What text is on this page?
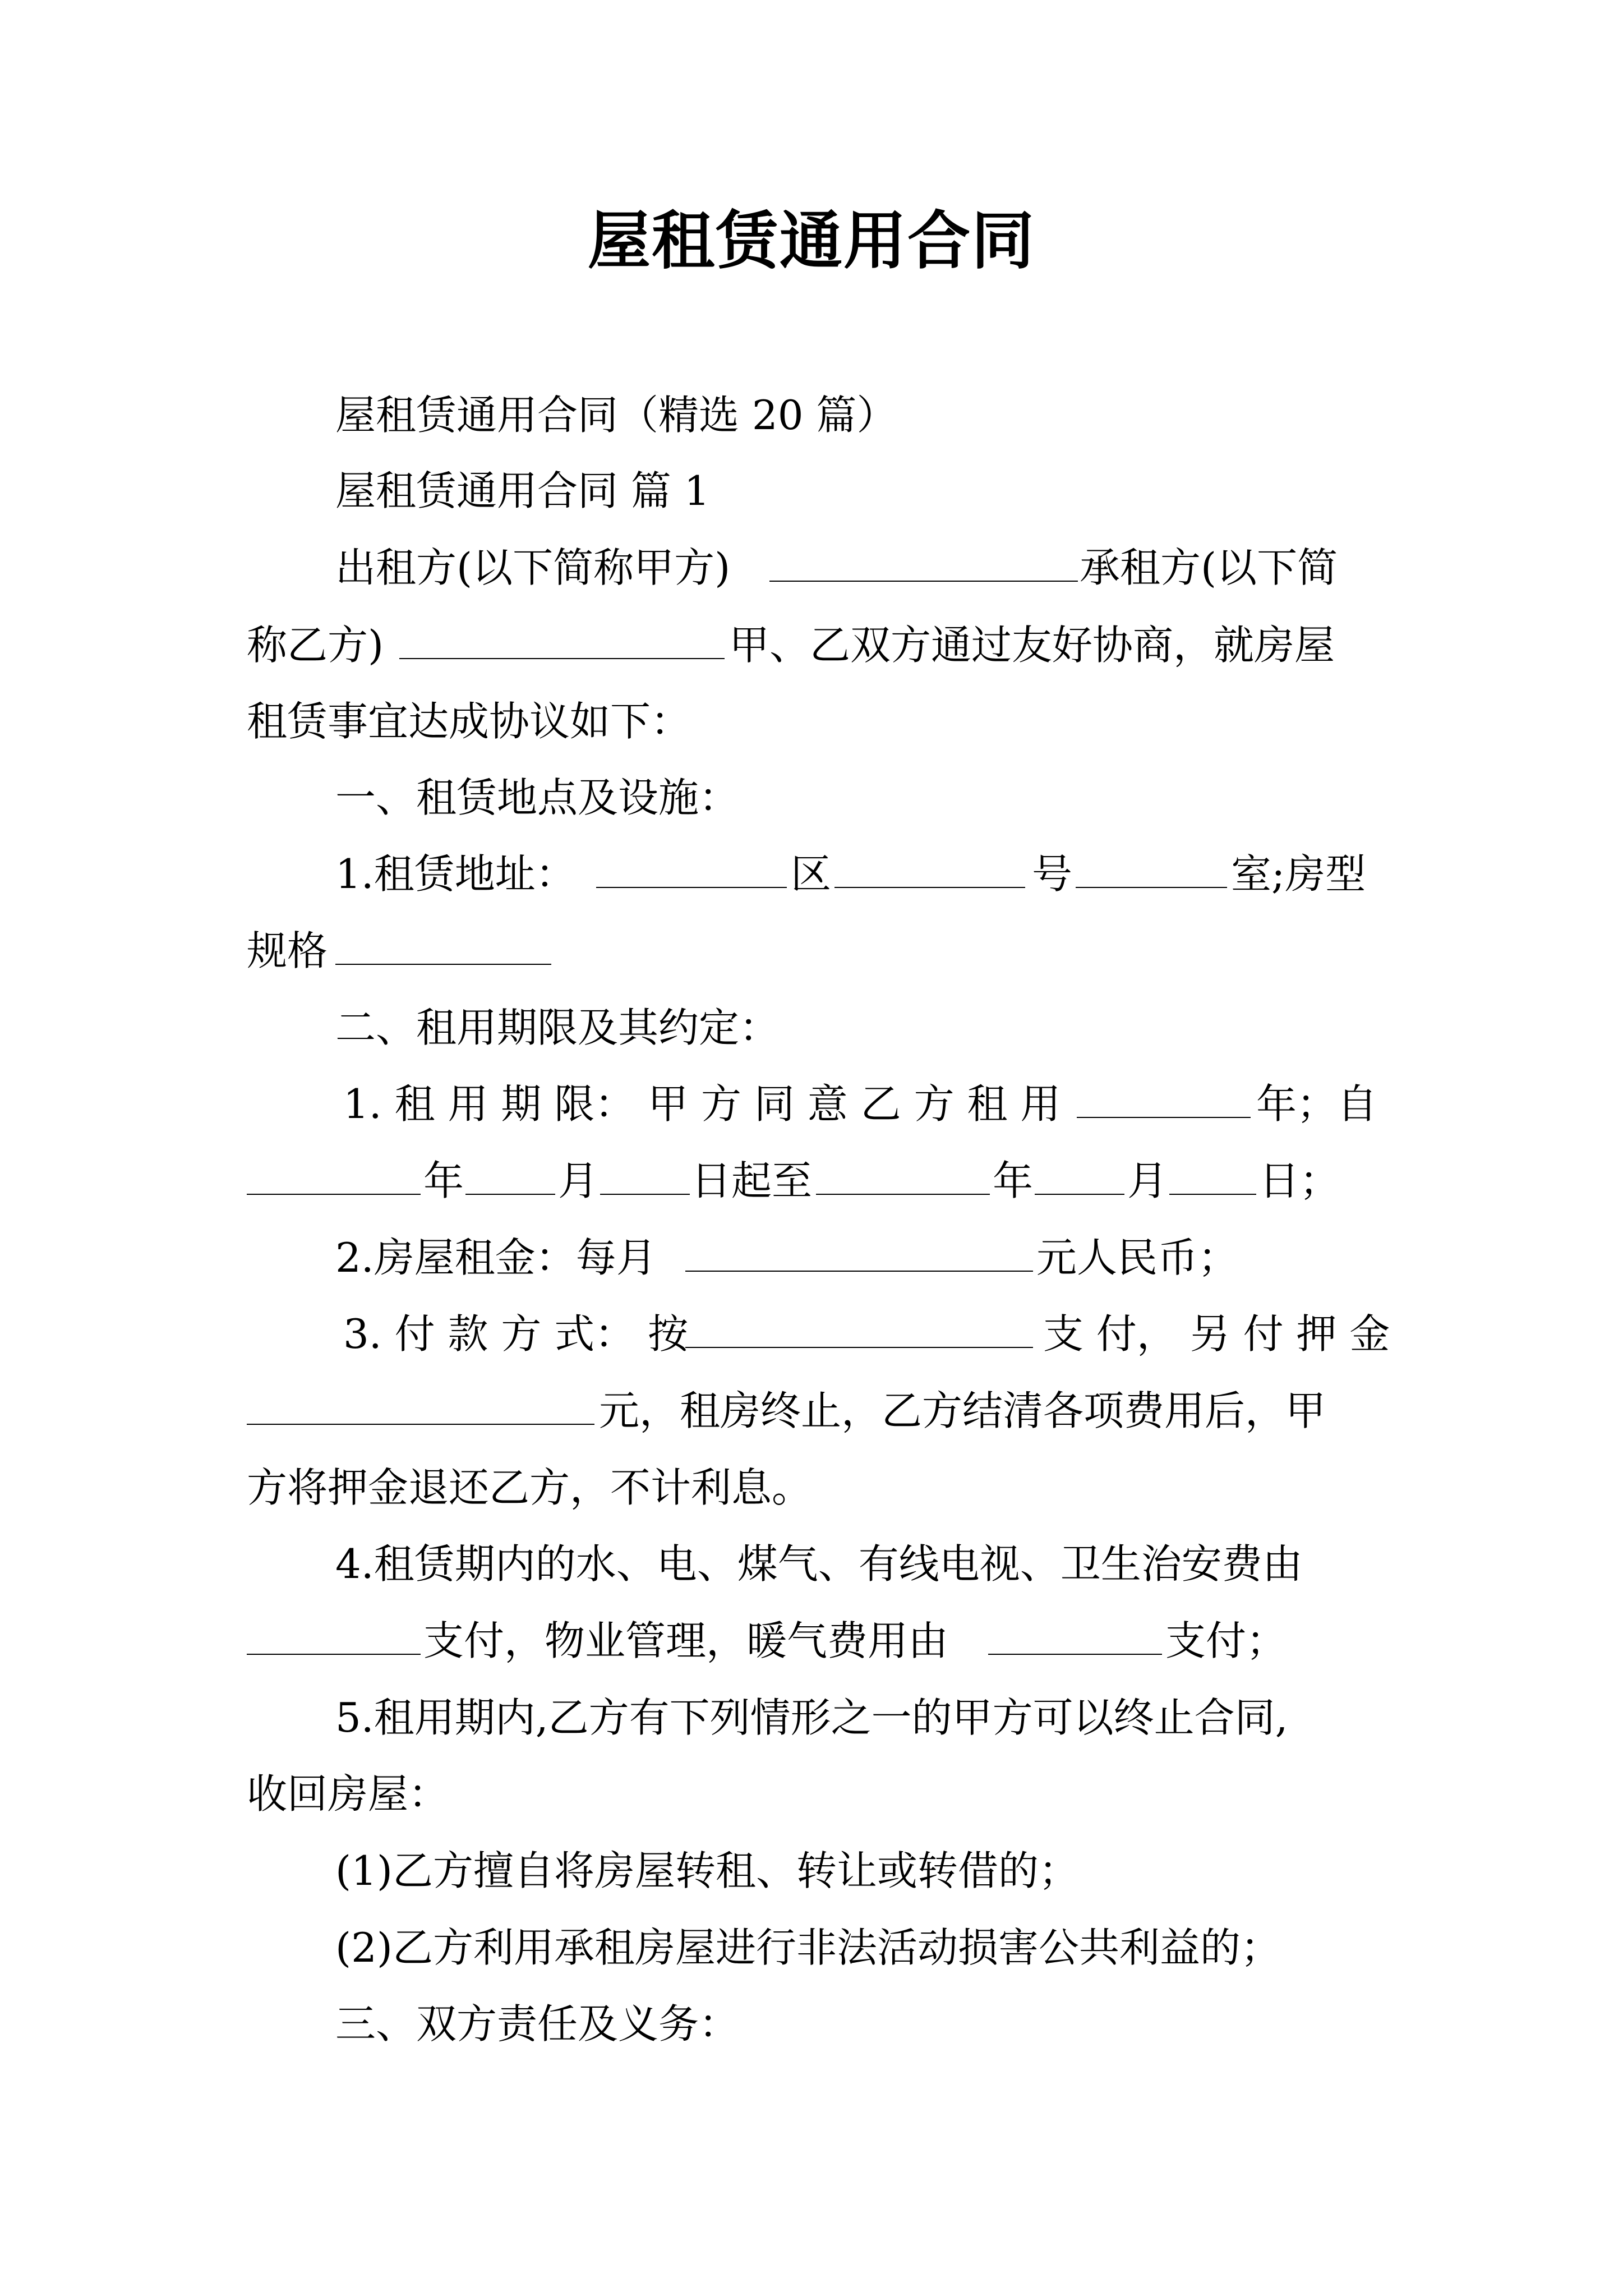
屋租赁通用合同
屋租赁通用合同（精选 20 篇）
屋租赁通用合同 篇 1
出租方(以下简称甲方)	承租方(以下简
称乙方)	甲、乙双方通过友好协商，就房屋
租赁事宜达成协议如下：
一、租赁地点及设施：
1.租赁地址：	区	号	室;房型
规格
二、租用期限及其约定：
1. 租 用 期 限： 甲 方 同 意 乙 方 租 用	年；自
年 月 日起至	年 月 日；
2.房屋租金：每月	元人民币；
3. 付 款 方 式： 按	支 付， 另 付 押 金
元，租房终止，乙方结清各项费用后，甲
方将押金退还乙方，不计利息。
4.租赁期内的水、电、煤气、有线电视、卫生治安费由
支付，物业管理，暖气费用由	支付；
5.租用期内,乙方有下列情形之一的甲方可以终止合同,
收回房屋：
(1)乙方擅自将房屋转租、转让或转借的；
(2)乙方利用承租房屋进行非法活动损害公共利益的；
三、双方责任及义务：
